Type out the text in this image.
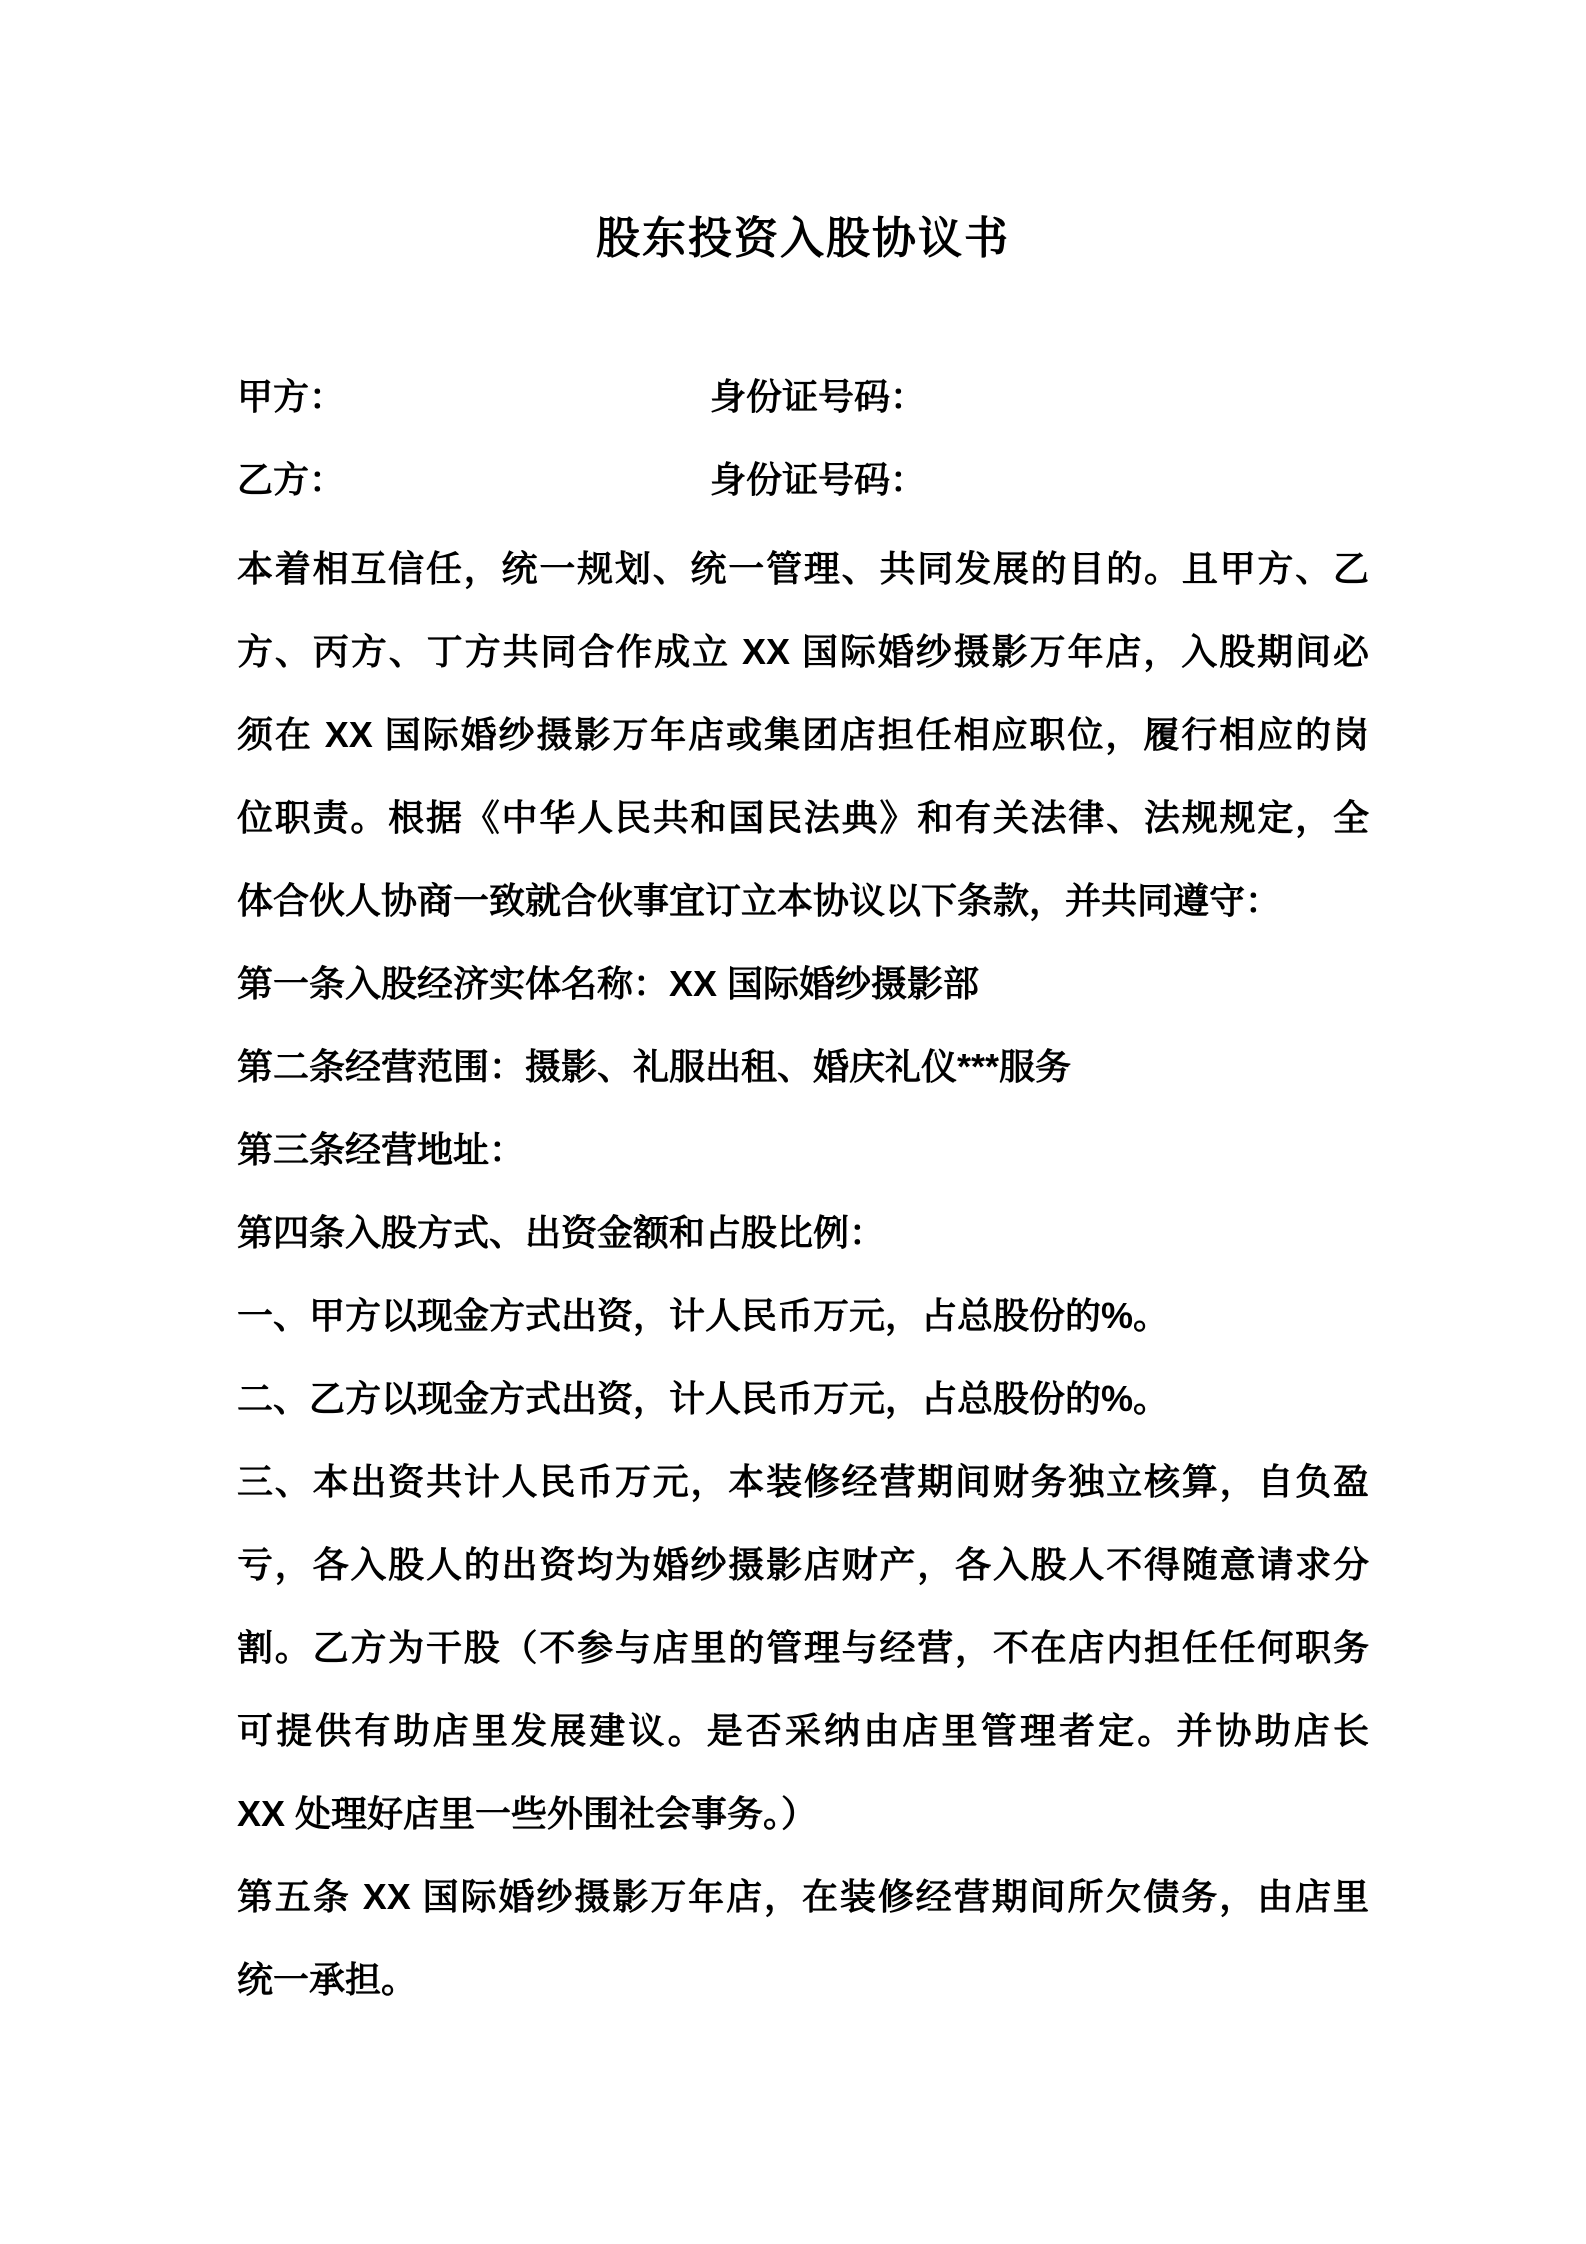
股东投资入股协议书
甲方：	身份证号码：
乙方：	身份证号码：
本着相互信任，统一规划、统一管理、共同发展的目的。且甲方、乙
方、丙方、丁方共同合作成立 XX 国际婚纱摄影万年店，入股期间必
须在 XX 国际婚纱摄影万年店或集团店担任相应职位，履行相应的岗
位职责。根据《中华人民共和国民法典》和有关法律、法规规定，全
体合伙人协商一致就合伙事宜订立本协议以下条款，并共同遵守：
第一条入股经济实体名称：XX 国际婚纱摄影部
第二条经营范围：摄影、礼服出租、婚庆礼仪***服务
第三条经营地址：
第四条入股方式、出资金额和占股比例：
一、甲方以现金方式出资，计人民币万元，占总股份的%。
二、乙方以现金方式出资，计人民币万元，占总股份的%。
三、本出资共计人民币万元，本装修经营期间财务独立核算，自负盈
亏，各入股人的出资均为婚纱摄影店财产，各入股人不得随意请求分
割。乙方为干股（不参与店里的管理与经营，不在店内担任任何职务
可提供有助店里发展建议。是否采纳由店里管理者定。并协助店长
XX 处理好店里一些外围社会事务。）
第五条 XX 国际婚纱摄影万年店，在装修经营期间所欠债务，由店里
统一承担。
